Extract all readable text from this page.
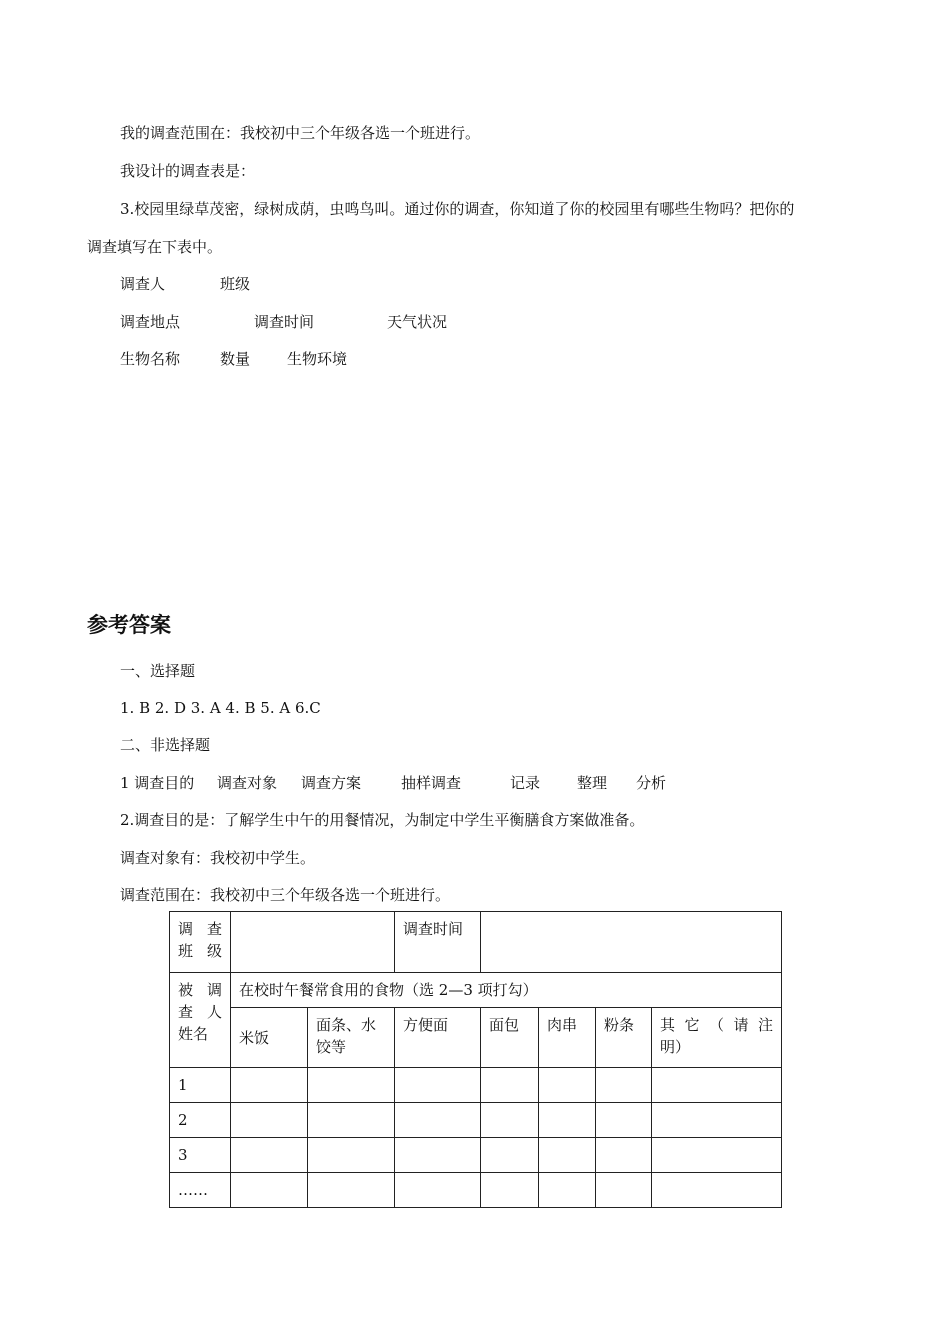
我的调查范围在：我校初中三个年级各选一个班进行。
我设计的调查表是：
3.校园里绿草茂密，绿树成荫，虫鸣鸟叫。通过你的调查，你知道了你的校园里有哪些生物吗？把你的
调查填写在下表中。
调查人	班级
调查地点	调查时间	天气状况
生物名称	数量 生物环境
参考答案
一、选择题
1. B 2. D 3. A 4. B 5. A 6.C
二、非选择题
1 调查目的 调查对象 调查方案	抽样调查	记录 整理 分析
2.调查目的是：了解学生中午的用餐情况，为制定中学生平衡膳食方案做准备。
调查对象有：我校初中学生。
调查范围在：我校初中三个年级各选一个班进行。
调 查
班 级			调查时间				

被 调
查 人
姓名	在校时午餐常食用的食物（选 2—3 项打勾）						
	米饭	面条、水饺等	方便面	面包	肉串	粉条	其它（请注
明）

1							
2							
3							
……							
